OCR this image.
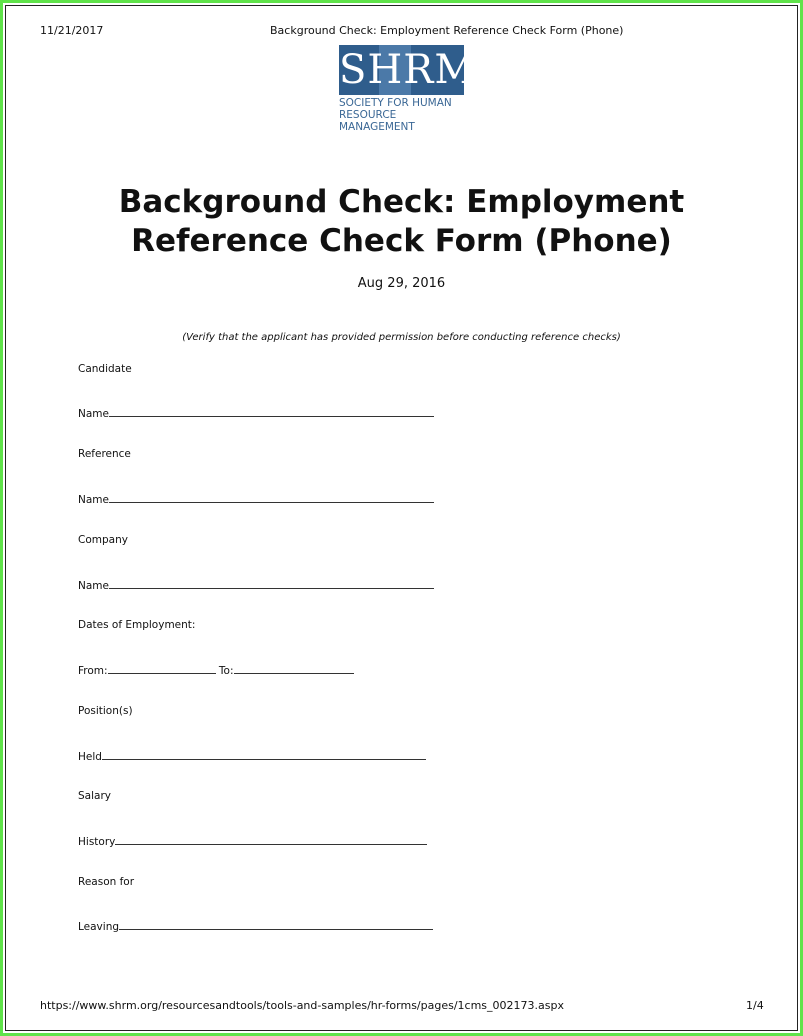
11/21/2017	Background Check: Employment Reference Check Form (Phone)
SHRM
SOCIETY FOR HUMAN
RESOURCE MANAGEMENT
Background Check: Employment
Reference Check Form (Phone)
Aug 29, 2016
(Verify that the applicant has provided permission before conducting reference checks)
Candidate
Name
Reference
Name
Company
Name
Dates of Employment:
From:	To:
Position(s)
Held
Salary
History
Reason for
Leaving
https://www.shrm.org/resourcesandtools/tools-and-samples/hr-forms/pages/1cms_002173.aspx	1/4
